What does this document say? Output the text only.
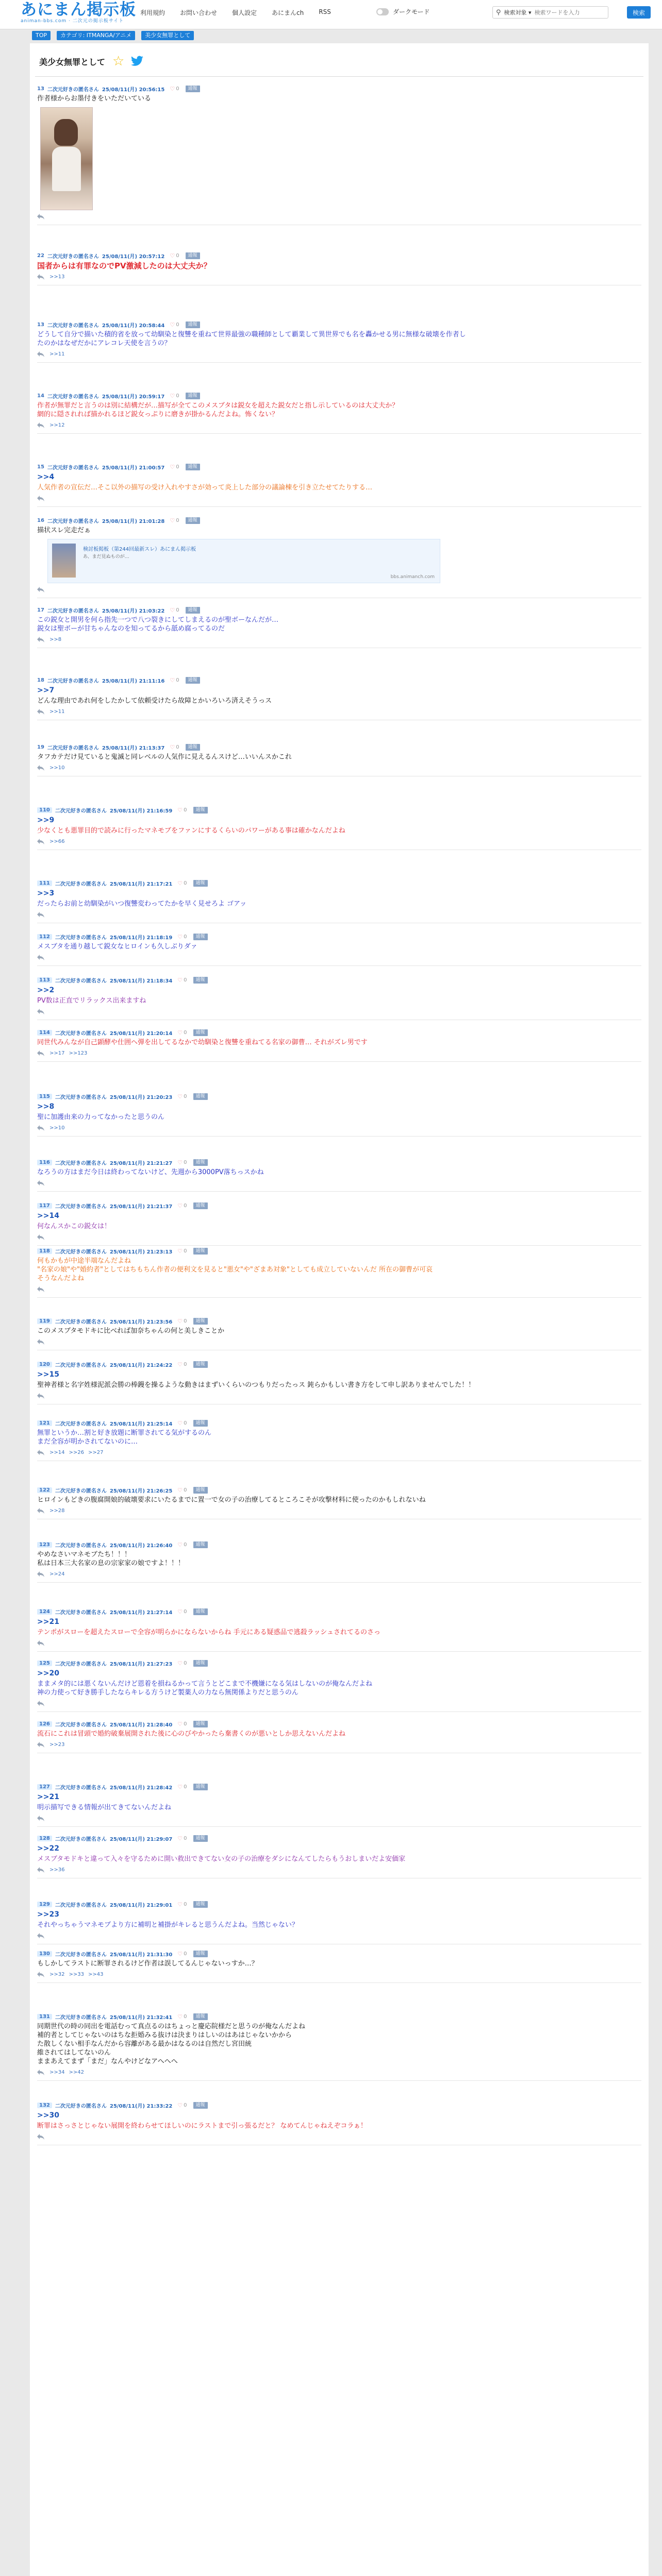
あにまん掲示板
animan-bbs.com · 二次元の掲示板サイト
利用規約 お問い合わせ 個人設定 あにまんch RSS	ダークモード	⚲ 検索対象 ▾
検索ワードを入力	検索
TOP	カテゴリ: ITMANGA/アニメ	美少女無罪として
美少女無罪として ☆
13 二次元好きの匿名さん 25/08/11(月) 20:56:15 ♡ 0	通報
作者様からお墨付きをいただいている
22 二次元好きの匿名さん 25/08/11(月) 20:57:12 ♡ 0	通報
国者からは有罪なのでPV激減したのは大丈夫か？
>>13
13 二次元好きの匿名さん 25/08/11(月) 20:58:44 ♡ 0	通報
どうして自分で描いた積的省を放って幼馴染と復讐を重ねて世界最強の職種師として覇業して異世界でも名を轟かせる男に無様な破壊を作者し
たのかはなぜだかにアレコレ天使を言うの？
>>11
14 二次元好きの匿名さん 25/08/11(月) 20:59:17 ♡ 0	通報
作者が無罪だと言うのは別に結構だが…描写が全てこのメスブタは鋭女を超えた鋭女だと指し示しているのは大丈夫か？
網的に隠されれば描かれるほど鋭女っぷりに磨きが掛かるんだよね。怖くない？
>>12
15 二次元好きの匿名さん 25/08/11(月) 21:00:57 ♡ 0	通報
>>4
人気作者の宣伝だ…そこ以外の描写の受け入れやすさが効って炎上した部分の議論棟を引き立たせてたりする…
16 二次元好きの匿名さん 25/08/11(月) 21:01:28 ♡ 0	通報
描状スレ完走だぁ
検討板掲板（第244回最新スレ）あにまん掲示板
あ、まだ見ぬものが…
bbs.animanch.com
17 二次元好きの匿名さん 25/08/11(月) 21:03:22 ♡ 0	通報
この鋭女と開男を何ら指先一つで八つ裂きにしてしまえるのが聖ボーなんだが…
鋭女は聖ボーが甘ちゃんなのを知ってるから舐め腐ってるのだ
>>8
18 二次元好きの匿名さん 25/08/11(月) 21:11:16 ♡ 0	通報
>>7
どんな理由であれ何をしたかして依頼受けたら故障とかいろいろ済えそうっス
>>11
19 二次元好きの匿名さん 25/08/11(月) 21:13:37 ♡ 0	通報
タフカテだけ見ていると鬼滅と同レベルの人気作に見えるんスけど…いいんスかこれ
>>10
110	二次元好きの匿名さん 25/08/11(月) 21:16:59 ♡ 0	通報
>>9
少なくとも悪罪目的で読みに行ったマネモブをファンにするくらいのパワーがある事は確かなんだよね
>>66
111	二次元好きの匿名さん 25/08/11(月) 21:17:21 ♡ 0	通報
>>3
だったらお前と幼馴染がいつ復讐変わってたかを早く見せろよ ゴアッ
112	二次元好きの匿名さん 25/08/11(月) 21:18:19 ♡ 0	通報
メスブタを通り越して鋭女なヒロインも久しぶりダァ
113	二次元好きの匿名さん 25/08/11(月) 21:18:34 ♡ 0	通報
>>2
PV数は正直でリラックス出来ますね
114	二次元好きの匿名さん 25/08/11(月) 21:20:14 ♡ 0	通報
同世代みんなが自己顕酵や仕囲ヘ弾を出してるなかで幼馴染と復讐を重ねてる名家の御曹… それがズレ男です
>>17 >>123
115	二次元好きの匿名さん 25/08/11(月) 21:20:23 ♡ 0	通報
>>8
聖に加護由来の力ってなかったと思うのん
>>10
116	二次元好きの匿名さん 25/08/11(月) 21:21:27 ♡ 0	通報
なろうの方はまだ今日は終わってないけど、先週から3000PV落ちっスかね
117	二次元好きの匿名さん 25/08/11(月) 21:21:37 ♡ 0	通報
>>14
何なんスかこの鋭女は！
118	二次元好きの匿名さん 25/08/11(月) 21:23:13 ♡ 0	通報
何もかもが中途半端なんだよね
"名家の娘"や"婚約者"としてはちもちん作者の便利文を見ると"悪女"や"ざまあ対象"としても成立していないんだ 所在の御曹が可哀
そうなんだよね
119	二次元好きの匿名さん 25/08/11(月) 21:23:56 ♡ 0	通報
このメスブタモドキに比べれば加奈ちゃんの何と美しきことか
120	二次元好きの匿名さん 25/08/11(月) 21:24:22 ♡ 0	通報
>>15
聖神者様と名字姓様泥派会勝の棒鏝を操るような動きはまずいくらいのつもりだったっス 鈍らかもしい書き方をして申し訳ありませんでした！！
121	二次元好きの匿名さん 25/08/11(月) 21:25:14 ♡ 0	通報
無罪というか…割と好き放題に断罪されてる気がするのん
まだ全容が明かされてないのに…
>>14 >>26 >>27
122	二次元好きの匿名さん 25/08/11(月) 21:26:25 ♡ 0	通報
ヒロインもどきの腹腐開娘的破壊要求にいたるまでに置一で女の子の治療してるところこそが攻撃材料に使ったのかもしれないね
>>28
123	二次元好きの匿名さん 25/08/11(月) 21:26:40 ♡ 0	通報
やめなさいマネモブたち！！！
私は日本三大名家の息の宗家家の娘ですよ！！！
>>24
124	二次元好きの匿名さん 25/08/11(月) 21:27:14 ♡ 0	通報
>>21
テンポがスローを超えたスローで全容が明らかにならないからね 手元にある疑惑品で逃殺ラッシュされてるのさっ
125	二次元好きの匿名さん 25/08/11(月) 21:27:23 ♡ 0	通報
>>20
ままメタ的には悪くないんだけど恩着を損ねるかって言うとどこまで不機嫌になる気はしないのが俺なんだよね
神の力使って好き勝手したならキレる方うけど製薬人の力なら無関係よりだと思うのん
126	二次元好きの匿名さん 25/08/11(月) 21:28:40 ♡ 0	通報
流石にこれは冒頭で婚約破棄展開された後に心のびやかったら棄書くのが悪いとしか思えないんだよね
>>23
127	二次元好きの匿名さん 25/08/11(月) 21:28:42 ♡ 0	通報
>>21
明示描写できる情報が出てきてないんだよね
128	二次元好きの匿名さん 25/08/11(月) 21:29:07 ♡ 0	通報
>>22
メスブタモドキと違って入々を守るために開い救出できてない女の子の治療をダシになんてしたらもうおしまいだよ安価家
>>36
129	二次元好きの匿名さん 25/08/11(月) 21:29:01 ♡ 0	通報
>>23
それやっちゃうマネモブより方に補明と補掛がキレると思うんだよね。当然じゃない？
130	二次元好きの匿名さん 25/08/11(月) 21:31:30 ♡ 0	通報
もしかしてラストに断罪されるけど作者は誤してるんじゃないっすか…？
>>32 >>33 >>43
131	二次元好きの匿名さん 25/08/11(月) 21:32:41 ♡ 0	通報
同期世代の時の同出を電話むって真点るのはちょっと慶応院様だと思うのが俺なんだよね
補的者としてじゃないのはちな拒婚みる抜けは決まりはしいのはあはじゃないかから
た散しくない相手なんだから容離がある最かはなるのは自然だし宮田統
維されてはしてないのん
ままあえてまず「まだ」なんやけどなアへへへ
>>34 >>42
132	二次元好きの匿名さん 25/08/11(月) 21:33:22 ♡ 0	通報
>>30
断罪はさっさとじゃない展開を終わらせてほしいのにラストまで引っ張るだと？ なめてんじゃねえぞコラぁ！
